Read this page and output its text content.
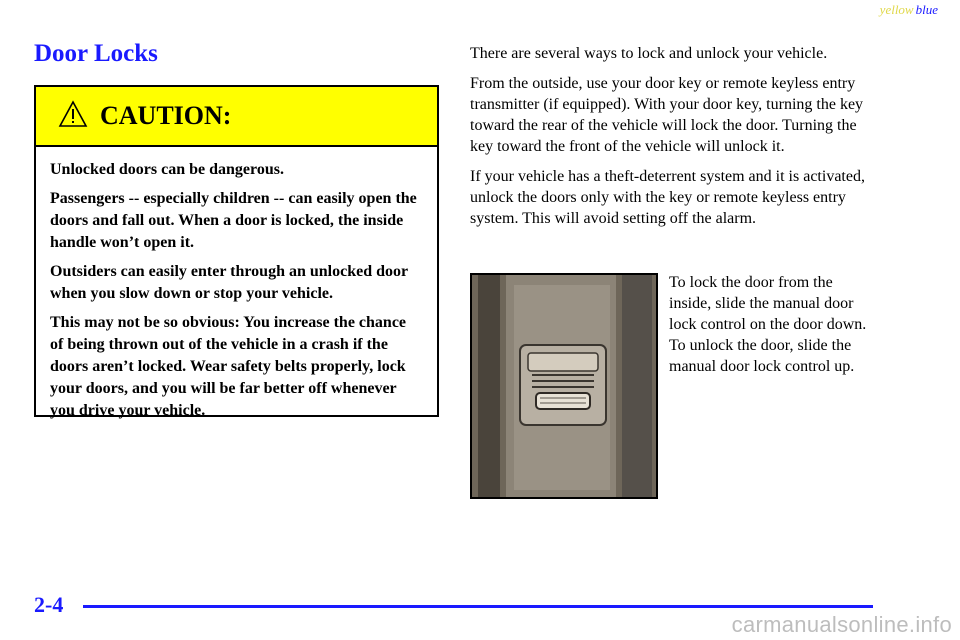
yellow blue
Door Locks
CAUTION:

Unlocked doors can be dangerous.

Passengers -- especially children -- can easily open the doors and fall out. When a door is locked, the inside handle won’t open it.

Outsiders can easily enter through an unlocked door when you slow down or stop your vehicle.

This may not be so obvious: You increase the chance of being thrown out of the vehicle in a crash if the doors aren’t locked. Wear safety belts properly, lock your doors, and you will be far better off whenever you drive your vehicle.

There are several ways to lock and unlock your vehicle.

From the outside, use your door key or remote keyless entry transmitter (if equipped). With your door key, turning the key toward the rear of the vehicle will lock the door. Turning the key toward the front of the vehicle will unlock it.

If your vehicle has a theft-deterrent system and it is activated, unlock the doors only with the key or remote keyless entry system. This will avoid setting off the alarm.

To lock the door from the inside, slide the manual door lock control on the door down. To unlock the door, slide the manual door lock control up.

2-4
carmanualsonline.info
